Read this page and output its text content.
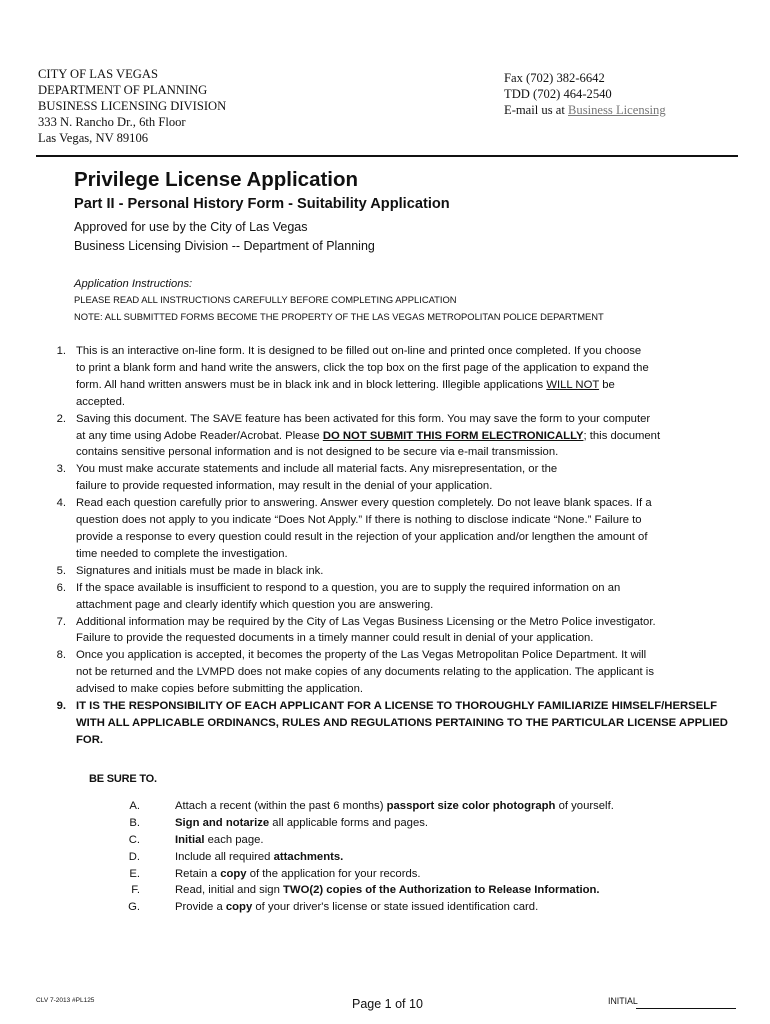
CITY OF LAS VEGAS
DEPARTMENT OF PLANNING
BUSINESS LICENSING DIVISION
333 N. Rancho Dr., 6th Floor
Las Vegas, NV 89106
Fax (702) 382-6642
TDD (702) 464-2540
E-mail us at Business Licensing
Privilege License Application
Part II - Personal History Form - Suitability Application
Approved for use by the City of Las Vegas
Business Licensing Division -- Department of Planning
Application Instructions:
PLEASE READ ALL INSTRUCTIONS CAREFULLY BEFORE COMPLETING APPLICATION
NOTE: ALL SUBMITTED FORMS BECOME THE PROPERTY OF THE LAS VEGAS METROPOLITAN POLICE DEPARTMENT
1. This is an interactive on-line form. It is designed to be filled out on-line and printed once completed. If you choose
to print a blank form and hand write the answers, click the top box on the first page of the application to expand the
form. All hand written answers must be in black ink and in block lettering. Illegible applications WILL NOT be
accepted.
2. Saving this document. The SAVE feature has been activated for this form. You may save the form to your computer
at any time using Adobe Reader/Acrobat. Please DO NOT SUBMIT THIS FORM ELECTRONICALLY; this document
contains sensitive personal information and is not designed to be secure via e-mail transmission.
3. You must make accurate statements and include all material facts. Any misrepresentation, or the
failure to provide requested information, may result in the denial of your application.
4. Read each question carefully prior to answering. Answer every question completely. Do not leave blank spaces. If a
question does not apply to you indicate “Does Not Apply.” If there is nothing to disclose indicate “None.” Failure to
provide a response to every question could result in the rejection of your application and/or lengthen the amount of
time needed to complete the investigation.
5. Signatures and initials must be made in black ink.
6. If the space available is insufficient to respond to a question, you are to supply the required information on an
attachment page and clearly identify which question you are answering.
7. Additional information may be required by the City of Las Vegas Business Licensing or the Metro Police investigator.
Failure to provide the requested documents in a timely manner could result in denial of your application.
8. Once you application is accepted, it becomes the property of the Las Vegas Metropolitan Police Department. It will
not be returned and the LVMPD does not make copies of any documents relating to the application. The applicant is
advised to make copies before submitting the application.
9. IT IS THE RESPONSIBILITY OF EACH APPLICANT FOR A LICENSE TO THOROUGHLY FAMILIARIZE HIMSELF/HERSELF
WITH ALL APPLICABLE ORDINANCS, RULES AND REGULATIONS PERTAINING TO THE PARTICULAR LICENSE APPLIED
FOR.
BE SURE TO.
A.	Attach a recent (within the past 6 months) passport size color photograph of yourself.
B.	Sign and notarize all applicable forms and pages.
C.	Initial each page.
D.	Include all required attachments.
E.	Retain a copy of the application for your records.
F.	Read, initial and sign TWO(2) copies of the Authorization to Release Information.
G.	Provide a copy of your driver's license or state issued identification card.
CLV 7-2013 #PL125	Page 1 of 10	INITIAL
